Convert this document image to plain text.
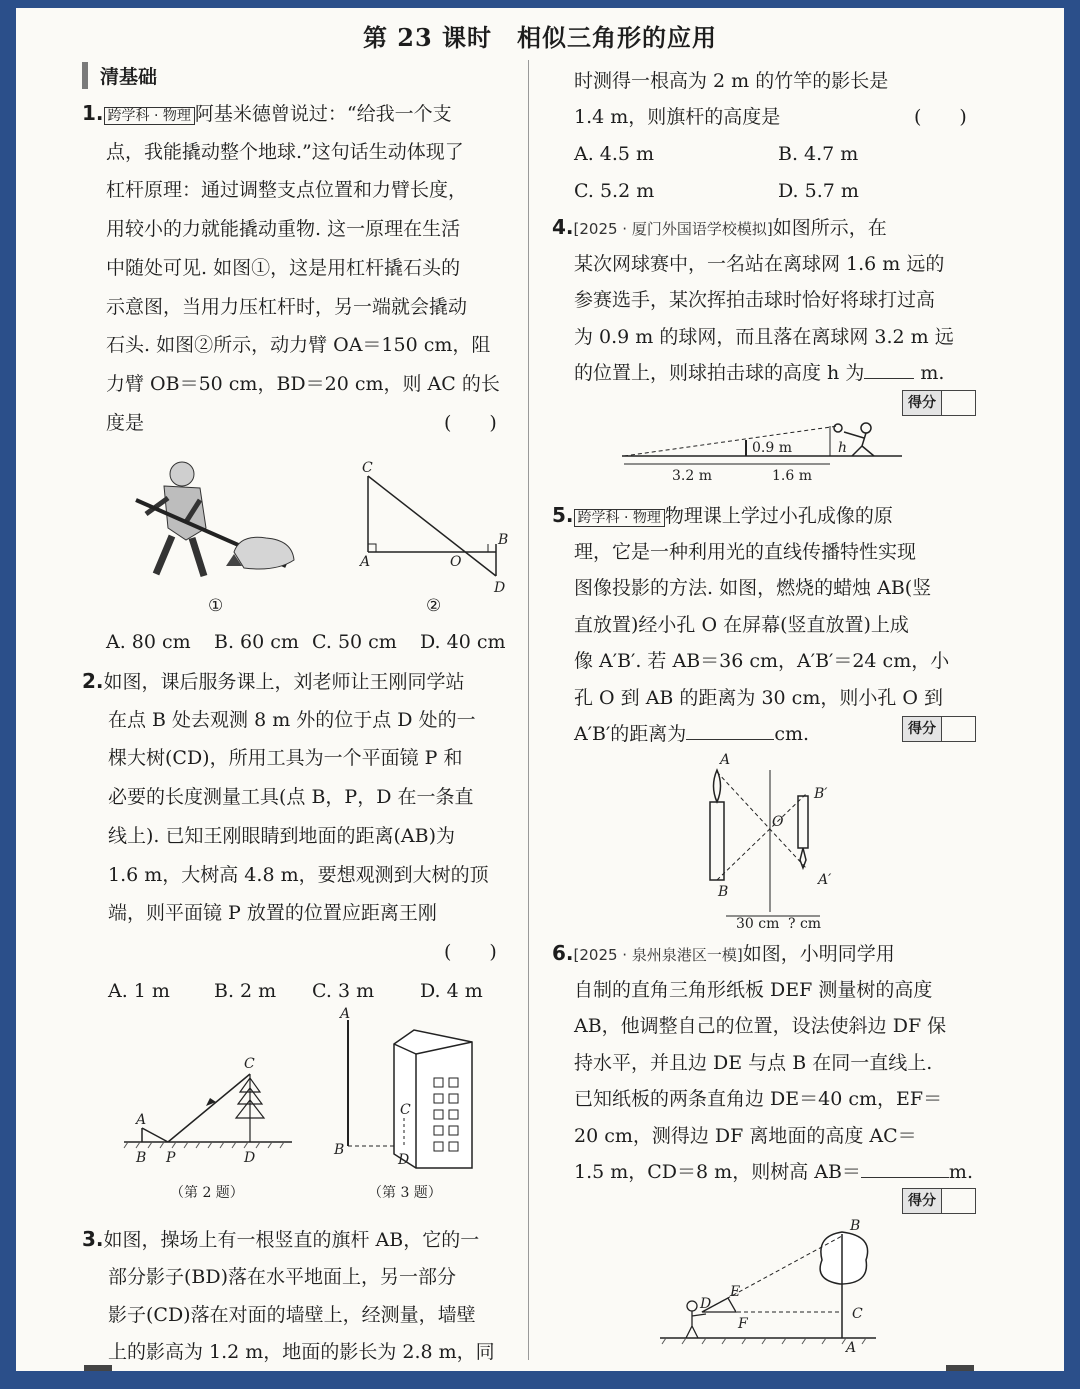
第 23 课时　相似三角形的应用
清基础
1. 跨学科 · 物理 阿基米德曾说过：“给我一个支
点，我能撬动整个地球.”这句话生动体现了
杠杆原理：通过调整支点位置和力臂长度，
用较小的力就能撬动重物. 这一原理在生活
中随处可见. 如图①，这是用杠杆撬石头的
示意图，当用力压杠杆时，另一端就会撬动
石头. 如图②所示，动力臂 OA＝150 cm，阻
力臂 OB＝50 cm，BD＝20 cm，则 AC 的长
度是	(　　)
①
C
A	O
B
D
②
A. 80 cm B. 60 cm C. 50 cm D. 40 cm
2.如图，课后服务课上，刘老师让王刚同学站
在点 B 处去观测 8 m 外的位于点 D 处的一
棵大树(CD)，所用工具为一个平面镜 P 和
必要的长度测量工具(点 B，P，D 在一条直
线上). 已知王刚眼睛到地面的距离(AB)为
1.6 m，大树高 4.8 m，要想观测到大树的顶
端，则平面镜 P 放置的位置应距离王刚
(　　)
A. 1 m B. 2 m C. 3 m D. 4 m
A
B P
C
D
（第 2 题）
A
B
C
D
（第 3 题）
3.如图，操场上有一根竖直的旗杆 AB，它的一
部分影子(BD)落在水平地面上，另一部分
影子(CD)落在对面的墙壁上，经测量，墙壁
上的影高为 1.2 m，地面的影长为 2.8 m，同
时测得一根高为 2 m 的竹竿的影长是
1.4 m，则旗杆的高度是	(　　)
A. 4.5 m	B. 4.7 m
C. 5.2 m	D. 5.7 m
4.[2025 · 厦门外国语学校模拟]如图所示，在
某次网球赛中，一名站在离球网 1.6 m 远的
参赛选手，某次挥拍击球时恰好将球打过高
为 0.9 m 的球网，而且落在离球网 3.2 m 远
的位置上，则球拍击球的高度 h 为	m.
得分
0.9 m
3.2 m	1.6 m
h
5. 跨学科 · 物理 物理课上学过小孔成像的原
理，它是一种利用光的直线传播特性实现
图像投影的方法. 如图，燃烧的蜡烛 AB(竖
直放置)经小孔 O 在屏幕(竖直放置)上成
像 A′B′. 若 AB＝36 cm，A′B′＝24 cm，小
孔 O 到 AB 的距离为 30 cm，则小孔 O 到
A′B′的距离为	cm.	得分
A
B
O
B′
A′
30 cm ? cm
6.[2025 · 泉州泉港区一模]如图，小明同学用
自制的直角三角形纸板 DEF 测量树的高度
AB，他调整自己的位置，设法使斜边 DF 保
持水平，并且边 DE 与点 B 在同一直线上.
已知纸板的两条直角边 DE＝40 cm，EF＝
20 cm，测得边 DF 离地面的高度 AC＝
1.5 m，CD＝8 m，则树高 AB＝	m.
得分
B
E
D
F
C
A
